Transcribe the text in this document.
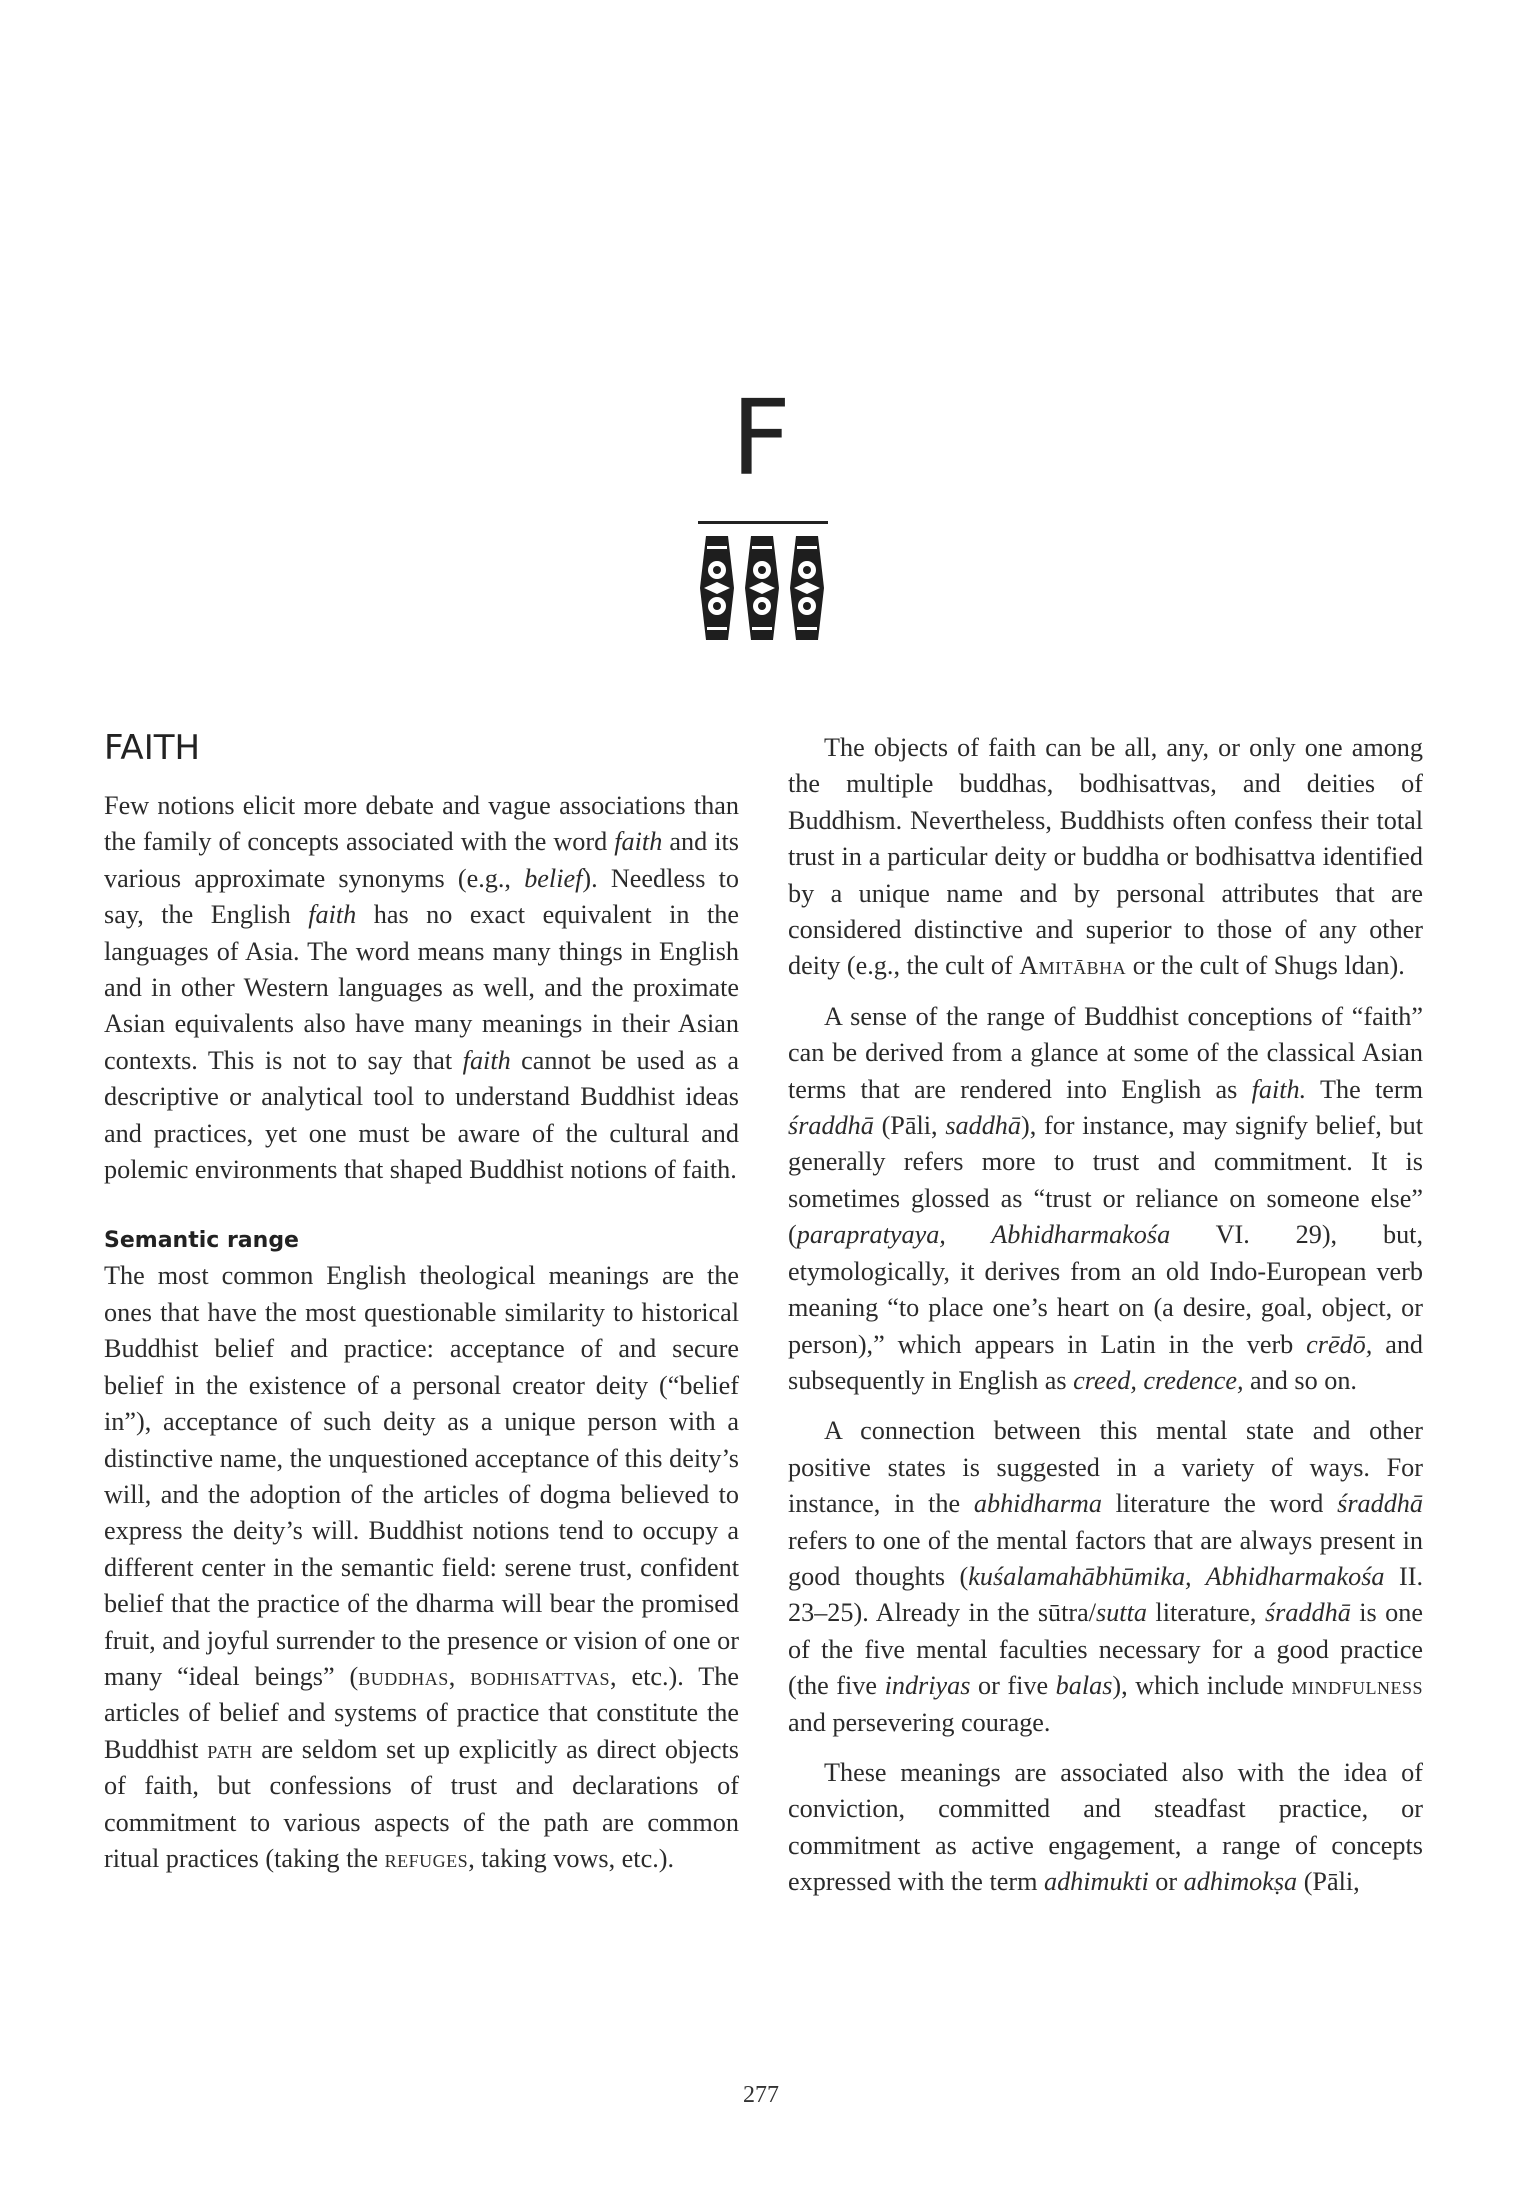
F
FAITH

Few notions elicit more debate and vague associations than the family of concepts associated with the word faith and its various approximate synonyms (e.g., belief). Needless to say, the English faith has no exact equivalent in the languages of Asia. The word means many things in English and in other Western languages as well, and the proximate Asian equivalents also have many meanings in their Asian contexts. This is not to say that faith cannot be used as a descriptive or analytical tool to understand Buddhist ideas and practices, yet one must be aware of the cultural and polemic environments that shaped Buddhist notions of faith.

Semantic range

The most common English theological meanings are the ones that have the most questionable similarity to historical Buddhist belief and practice: acceptance of and secure belief in the existence of a personal creator deity (“belief in”), acceptance of such deity as a unique person with a distinctive name, the unquestioned acceptance of this deity’s will, and the adoption of the articles of dogma believed to express the deity’s will. Buddhist notions tend to occupy a different center in the semantic field: serene trust, confident belief that the practice of the dharma will bear the promised fruit, and joyful surrender to the presence or vision of one or many “ideal beings” (buddhas, bodhisattvas, etc.). The articles of belief and systems of practice that constitute the Buddhist path are seldom set up explicitly as direct objects of faith, but confessions of trust and declarations of commitment to various aspects of the path are common ritual practices (taking the refuges, taking vows, etc.).

The objects of faith can be all, any, or only one among the multiple buddhas, bodhisattvas, and deities of Buddhism. Nevertheless, Buddhists often confess their total trust in a particular deity or buddha or bodhisattva identified by a unique name and by personal attributes that are considered distinctive and superior to those of any other deity (e.g., the cult of Amitābha or the cult of Shugs ldan).

A sense of the range of Buddhist conceptions of “faith” can be derived from a glance at some of the classical Asian terms that are rendered into English as faith. The term śraddhā (Pāli, saddhā), for instance, may signify belief, but generally refers more to trust and commitment. It is sometimes glossed as “trust or reliance on someone else” (parapratyaya, Abhidharmakośa VI. 29), but, etymologically, it derives from an old Indo-European verb meaning “to place one’s heart on (a desire, goal, object, or person),” which appears in Latin in the verb crēdō, and subsequently in English as creed, credence, and so on.

A connection between this mental state and other positive states is suggested in a variety of ways. For instance, in the abhidharma literature the word śraddhā refers to one of the mental factors that are always present in good thoughts (kuśalamahābhūmika, Abhidharmakośa II. 23–25). Already in the sūtra/sutta literature, śraddhā is one of the five mental faculties necessary for a good practice (the five indriyas or five balas), which include mindfulness and persevering courage.

These meanings are associated also with the idea of conviction, committed and steadfast practice, or commitment as active engagement, a range of concepts expressed with the term adhimukti or adhimokṣa (Pāli,

277
